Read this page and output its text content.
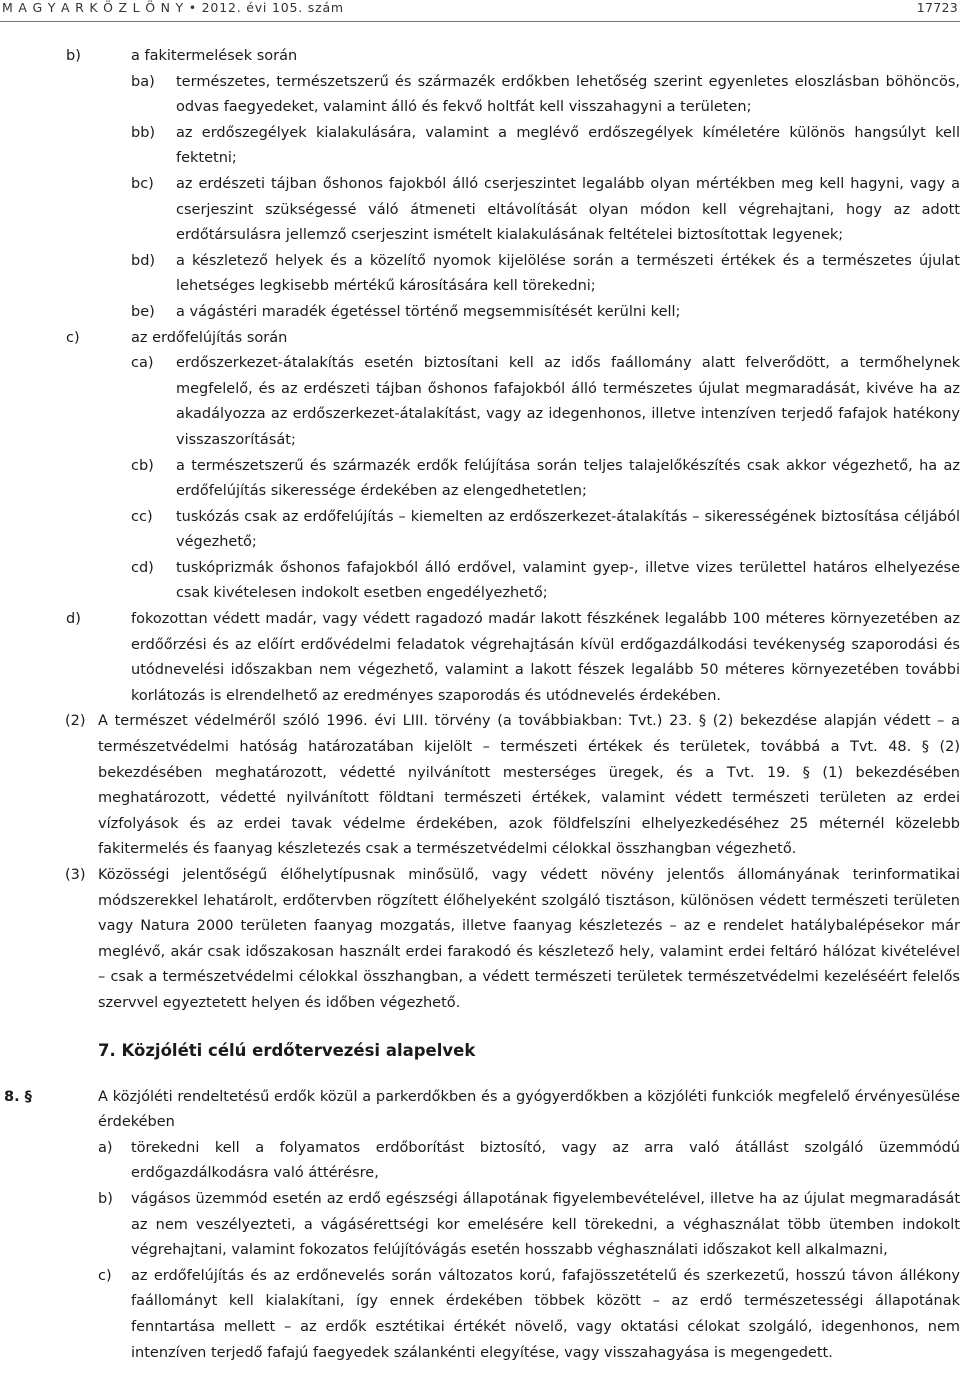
M A G Y A R K Ö Z L Ö N Y • 2012. évi 105. szám	17723
b)	a fakitermelések során
ba)	természetes, természetszerű és származék erdőkben lehetőség szerint egyenletes eloszlásban böhöncös, odvas faegyedeket, valamint álló és fekvő holtfát kell visszahagyni a területen;
bb)	az erdőszegélyek kialakulására, valamint a meglévő erdőszegélyek kíméletére különös hangsúlyt kell fektetni;
bc)	az erdészeti tájban őshonos fajokból álló cserjeszintet legalább olyan mértékben meg kell hagyni, vagy a cserjeszint szükségessé váló átmeneti eltávolítását olyan módon kell végrehajtani, hogy az adott erdőtársulásra jellemző cserjeszint ismételt kialakulásának feltételei biztosítottak legyenek;
bd)	a készletező helyek és a közelítő nyomok kijelölése során a természeti értékek és a természetes újulat lehetséges legkisebb mértékű károsítására kell törekedni;
be)	a vágástéri maradék égetéssel történő megsemmisítését kerülni kell;
c)	az erdőfelújítás során
ca)	erdőszerkezet-átalakítás esetén biztosítani kell az idős faállomány alatt felverődött, a termőhelynek megfelelő, és az erdészeti tájban őshonos fafajokból álló természetes újulat megmaradását, kivéve ha az akadályozza az erdőszerkezet-átalakítást, vagy az idegenhonos, illetve intenzíven terjedő fafajok hatékony visszaszorítását;
cb)	a természetszerű és származék erdők felújítása során teljes talajelőkészítés csak akkor végezhető, ha az erdőfelújítás sikeressége érdekében az elengedhetetlen;
cc)	tuskózás csak az erdőfelújítás – kiemelten az erdőszerkezet-átalakítás – sikerességének biztosítása céljából végezhető;
cd)	tuskóprizmák őshonos fafajokból álló erdővel, valamint gyep-, illetve vizes területtel határos elhelyezése csak kivételesen indokolt esetben engedélyezhető;
d)	fokozottan védett madár, vagy védett ragadozó madár lakott fészkének legalább 100 méteres környezetében az erdőőrzési és az előírt erdővédelmi feladatok végrehajtásán kívül erdőgazdálkodási tevékenység szaporodási és utódnevelési időszakban nem végezhető, valamint a lakott fészek legalább 50 méteres környezetében további korlátozás is elrendelhető az eredményes szaporodás és utódnevelés érdekében.
(2) A természet védelméről szóló 1996. évi LIII. törvény (a továbbiakban: Tvt.) 23. § (2) bekezdése alapján védett – a természetvédelmi hatóság határozatában kijelölt – természeti értékek és területek, továbbá a Tvt. 48. § (2) bekezdésében meghatározott, védetté nyilvánított mesterséges üregek, és a Tvt. 19. § (1) bekezdésében meghatározott, védetté nyilvánított földtani természeti értékek, valamint védett természeti területen az erdei vízfolyások és az erdei tavak védelme érdekében, azok földfelszíni elhelyezkedéséhez 25 méternél közelebb fakitermelés és faanyag készletezés csak a természetvédelmi célokkal összhangban végezhető.
(3) Közösségi jelentőségű élőhelytípusnak minősülő, vagy védett növény jelentős állományának terinformatikai módszerekkel lehatárolt, erdőtervben rögzített élőhelyeként szolgáló tisztáson, különösen védett természeti területen vagy Natura 2000 területen faanyag mozgatás, illetve faanyag készletezés – az e rendelet hatálybalépésekor már meglévő, akár csak időszakosan használt erdei farakodó és készletező hely, valamint erdei feltáró hálózat kivételével – csak a természetvédelmi célokkal összhangban, a védett természeti területek természetvédelmi kezeléséért felelős szervvel egyeztetett helyen és időben végezhető.
7. Közjóléti célú erdőtervezési alapelvek
8. §	A közjóléti rendeltetésű erdők közül a parkerdőkben és a gyógyerdőkben a közjóléti funkciók megfelelő érvényesülése érdekében
a)	törekedni kell a folyamatos erdőborítást biztosító, vagy az arra való átállást szolgáló üzemmódú erdőgazdálkodásra való áttérésre,
b)	vágásos üzemmód esetén az erdő egészségi állapotának figyelembevételével, illetve ha az újulat megmaradását az nem veszélyezteti, a vágásérettségi kor emelésére kell törekedni, a véghasználat több ütemben indokolt végrehajtani, valamint fokozatos felújítóvágás esetén hosszabb véghasználati időszakot kell alkalmazni,
c)	az erdőfelújítás és az erdőnevelés során változatos korú, fafajösszetételű és szerkezetű, hosszú távon állékony faállományt kell kialakítani, így ennek érdekében többek között – az erdő természetességi állapotának fenntartása mellett – az erdők esztétikai értékét növelő, vagy oktatási célokat szolgáló, idegenhonos, nem intenzíven terjedő fafajú faegyedek szálankénti elegyítése, vagy visszahagyása is megengedett.
